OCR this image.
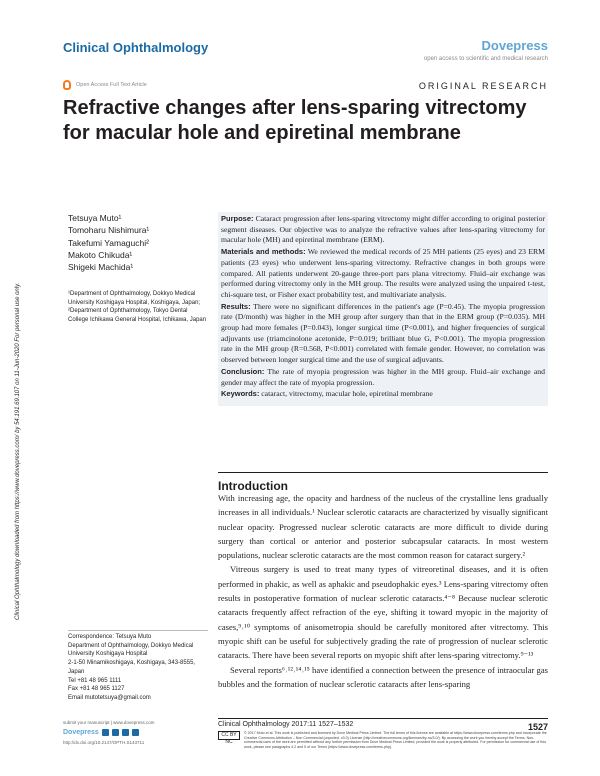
Clinical Ophthalmology	Dovepress
open access to scientific and medical research
Open Access Full Text Article	ORIGINAL RESEARCH
Refractive changes after lens-sparing vitrectomy for macular hole and epiretinal membrane
Clinical Ophthalmology downloaded from https://www.dovepress.com/ by 54.191.69.107 on 11-Jun-2020 For personal use only.
Tetsuya Muto¹
Tomoharu Nishimura¹
Takefumi Yamaguchi²
Makoto Chikuda¹
Shigeki Machida¹
¹Department of Ophthalmology, Dokkyo Medical University Koshigaya Hospital, Koshigaya, Japan;
²Department of Ophthalmology, Tokyo Dental College Ichikawa General Hospital, Ichikawa, Japan
Correspondence: Tetsuya Muto
Department of Ophthalmology, Dokkyo Medical University Koshigaya Hospital
2-1-50 Minamikoshigaya, Koshigaya, 343-8555, Japan
Tel +81 48 965 1111
Fax +81 48 965 1127
Email mutotetsuya@gmail.com

Purpose: Cataract progression after lens-sparing vitrectomy might differ according to original posterior segment diseases. Our objective was to analyze the refractive values after lens-sparing vitrectomy for macular hole (MH) and epiretinal membrane (ERM).

Materials and methods: We reviewed the medical records of 25 MH patients (25 eyes) and 23 ERM patients (23 eyes) who underwent lens-sparing vitrectomy. Refractive changes in both groups were compared. All patients underwent 20-gauge three-port pars plana vitrectomy. Fluid–air exchange was performed during vitrectomy only in the MH group. The results were analyzed using the unpaired t-test, chi-square test, or Fisher exact probability test, and multivariate analysis.

Results: There were no significant differences in the patient's age (P=0.45). The myopia progression rate (D/month) was higher in the MH group after surgery than that in the ERM group (P=0.035). MH group had more females (P=0.043), longer surgical time (P<0.001), and higher frequencies of surgical adjuvants use (triamcinolone acetonide, P=0.019; brilliant blue G, P<0.001). The myopia progression rate in the MH group (R=0.568, P<0.001) correlated with female gender. However, no correlation was observed between longer surgical time and the use of surgical adjuvants.

Conclusion: The rate of myopia progression was higher in the MH group. Fluid–air exchange and gender may affect the rate of myopia progression.

Keywords: cataract, vitrectomy, macular hole, epiretinal membrane

Introduction

With increasing age, the opacity and hardness of the nucleus of the crystalline lens gradually increases in all individuals.¹ Nuclear sclerotic cataracts are characterized by visually significant nuclear opacity. Progressed nuclear sclerotic cataracts are more difficult to divide during surgery than cortical or anterior and posterior subcapsular cataracts. In most western populations, nuclear sclerotic cataracts are the most common reason for cataract surgery.²

Vitreous surgery is used to treat many types of vitreoretinal diseases, and it is often performed in phakic, as well as aphakic and pseudophakic eyes.³ Lens-sparing vitrectomy often results in postoperative formation of nuclear sclerotic cataracts.⁴⁻⁸ Because nuclear sclerotic cataracts frequently affect refraction of the eye, shifting it toward myopic in the majority of cases,⁹˒¹⁰ symptoms of anisometropia should be carefully monitored after vitrectomy. This myopic shift can be useful for subjectively grading the rate of progression of nuclear sclerotic cataracts. There have been several reports on myopic shift after lens-sparing vitrectomy.⁹⁻¹³

Several reports⁶˒¹²˒¹⁴˒¹⁵ have identified a connection between the presence of intraocular gas bubbles and the formation of nuclear sclerotic cataracts after lens-sparing

submit your manuscript | www.dovepress.com
Dovepress
http://dx.doi.org/10.2147/OPTH.S143711
Clinical Ophthalmology 2017:11 1527–1532	1527
CC BY NC
© 2017 Muto et al. This work is published and licensed by Dove Medical Press Limited. The full terms of this license are available at https://www.dovepress.com/terms.php and incorporate the Creative Commons Attribution – Non Commercial (unported, v3.0) License (http://creativecommons.org/licenses/by-nc/3.0/). By accessing the work you hereby accept the Terms. Non-commercial uses of the work are permitted without any further permission from Dove Medical Press Limited, provided the work is properly attributed. For permission for commercial use of this work, please see paragraphs 4.2 and 5 of our Terms (https://www.dovepress.com/terms.php).
